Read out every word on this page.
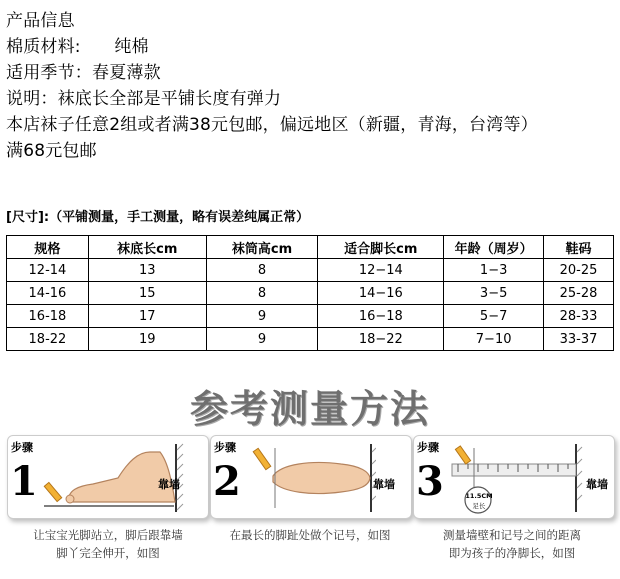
产品信息
棉质材料:      纯棉
适用季节：春夏薄款
说明：袜底长全部是平铺长度有弹力
本店袜子任意2组或者满38元包邮，偏远地区（新疆，青海，台湾等）
满68元包邮
[尺寸]:（平铺测量，手工测量，略有误差纯属正常）
规格	袜底长cm	袜筒高cm	适合脚长cm	年龄（周岁）	鞋码
12-14	13	8	12−14	1−3	20-25
14-16	15	8	14−16	3−5	25-28
16-18	17	9	16−18	5−7	28-33
18-22	19	9	18−22	7−10	33-37
参考测量方法
步骤
1	靠墙
步骤
2	靠墙
步骤
3	11.5CM
足长
靠墙
让宝宝光脚站立，脚后跟靠墙
脚丫完全伸开，如图
在最长的脚趾处做个记号，如图	测量墙壁和记号之间的距离
即为孩子的净脚长，如图
